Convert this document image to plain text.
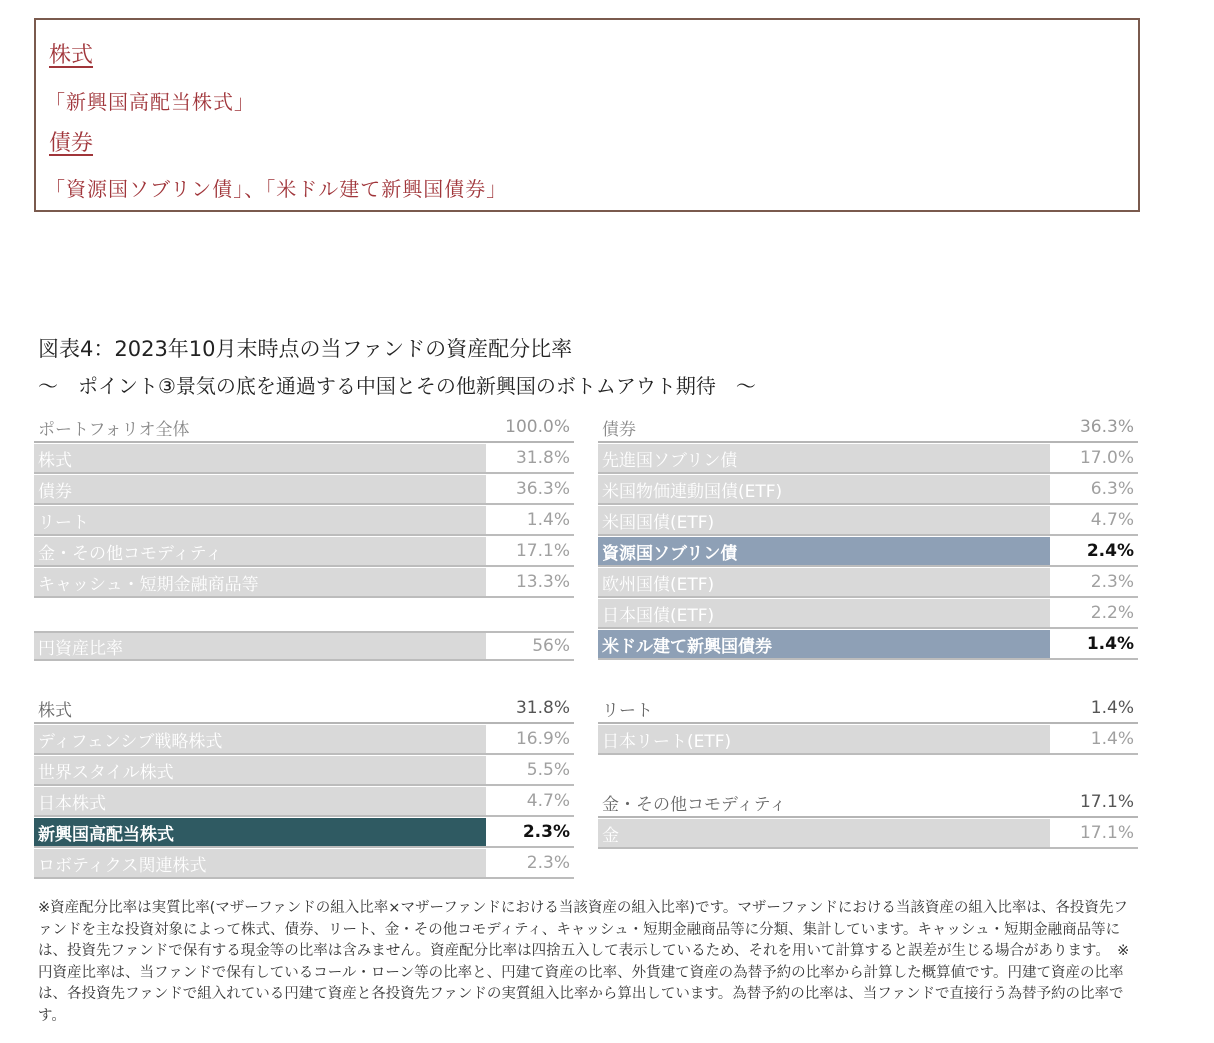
株式
「新興国高配当株式」
債券
「資源国ソブリン債」、「米ドル建て新興国債券」
図表4：2023年10月末時点の当ファンドの資産配分比率
～　ポイント③景気の底を通過する中国とその他新興国のボトムアウト期待　～
ポートフォリオ全体	100.0%
株式	31.8%
債券	36.3%
リート	1.4%
金・その他コモディティ	17.1%
キャッシュ・短期金融商品等	13.3%
円資産比率	56%
債券	36.3%
先進国ソブリン債	17.0%
米国物価連動国債(ETF)	6.3%
米国国債(ETF)	4.7%
資源国ソブリン債	2.4%
欧州国債(ETF)	2.3%
日本国債(ETF)	2.2%
米ドル建て新興国債券	1.4%
株式	31.8%
ディフェンシブ戦略株式	16.9%
世界スタイル株式	5.5%
日本株式	4.7%
新興国高配当株式	2.3%
ロボティクス関連株式	2.3%
リート	1.4%
日本リート(ETF)	1.4%
金・その他コモディティ	17.1%
金	17.1%
※資産配分比率は実質比率(マザーファンドの組入比率×マザーファンドにおける当該資産の組入比率)です。マザーファンドにおける当該資産の組入比率は、各投資先ファンドを主な投資対象によって株式、債券、リート、金・その他コモディティ、キャッシュ・短期金融商品等に分類、集計しています。キャッシュ・短期金融商品等には、投資先ファンドで保有する現金等の比率は含みません。資産配分比率は四捨五入して表示しているため、それを用いて計算すると誤差が生じる場合があります。　※円資産比率は、当ファンドで保有しているコール・ローン等の比率と、円建て資産の比率、外貨建て資産の為替予約の比率から計算した概算値です。円建て資産の比率は、各投資先ファンドで組入れている円建て資産と各投資先ファンドの実質組入比率から算出しています。為替予約の比率は、当ファンドで直接行う為替予約の比率です。
